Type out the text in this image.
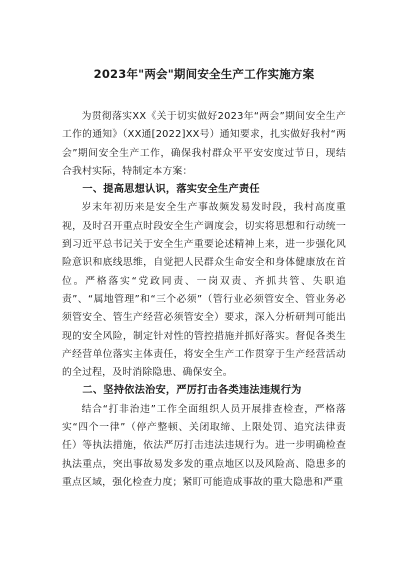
2023年"两会"期间安全生产工作实施方案

为贯彻落实XX《关于切实做好2023年“两会”期间安全生产工作的通知》（XX通[2022]XX号）通知要求，扎实做好我村“两会”期间安全生产工作，确保我村群众平平安安度过节日，现结合我村实际，特制定本方案：

一、提高思想认识，落实安全生产责任

岁末年初历来是安全生产事故频发易发时段，我村高度重视，及时召开重点时段安全生产调度会，切实将思想和行动统一到习近平总书记关于安全生产重要论述精神上来，进一步强化风险意识和底线思维，自觉把人民群众生命安全和身体健康放在首位。严格落实“党政同责、一岗双责、齐抓共管、失职追责”、“属地管理”和“三个必须”（管行业必须管安全、管业务必须管安全、管生产经营必须管安全）要求，深入分析研判可能出现的安全风险，制定针对性的管控措施并抓好落实。督促各类生产经营单位落实主体责任，将安全生产工作贯穿于生产经营活动的全过程，及时消除隐患、确保安全。

二、坚持依法治安，严厉打击各类违法违规行为

结合“打非治违”工作全面组织人员开展排查检查，严格落实“四个一律”（停产整顿、关闭取缔、上限处罚、追究法律责任）等执法措施，依法严厉打击违法违规行为。进一步明确检查执法重点，突出事故易发多发的重点地区以及风险高、隐患多的重点区域，强化检查力度；紧盯可能造成事故的重大隐患和严重
